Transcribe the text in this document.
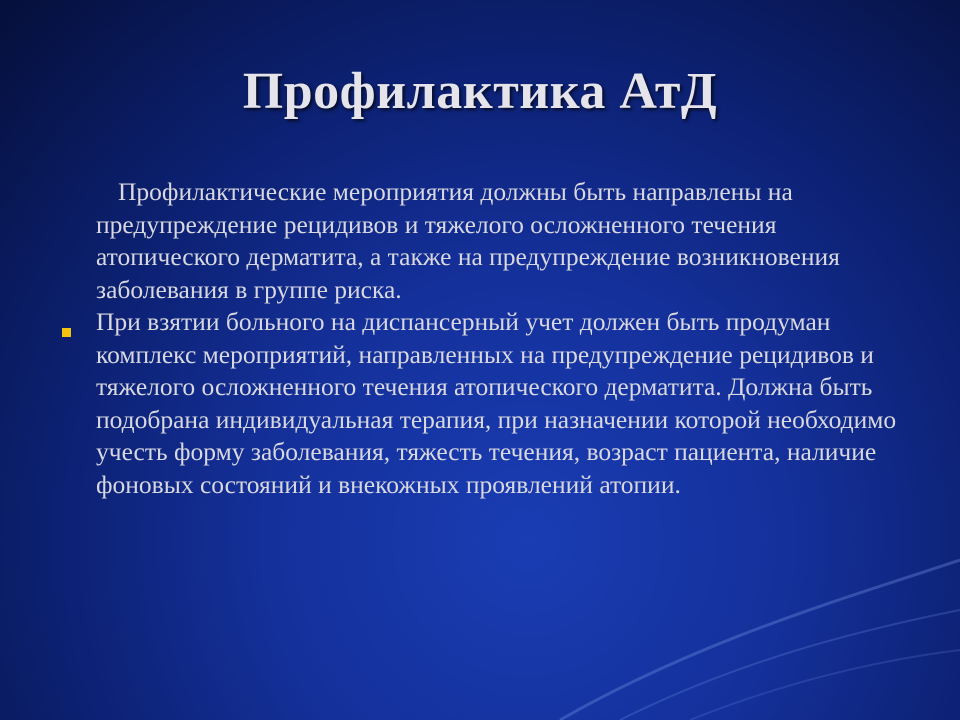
Профилактика АтД

Профилактические мероприятия должны быть направлены на предупреждение рецидивов и тяжелого осложненного течения атопического дерматита, а также на предупреждение возникновения заболевания в группе риска.

При взятии больного на диспансерный учет должен быть продуман комплекс мероприятий, направленных на предупреждение рецидивов и тяжелого осложненного течения атопического дерматита. Должна быть подобрана индивидуальная терапия, при назначении которой необходимо учесть форму заболевания, тяжесть течения, возраст пациента, наличие фоновых состояний и внекожных проявлений атопии.
